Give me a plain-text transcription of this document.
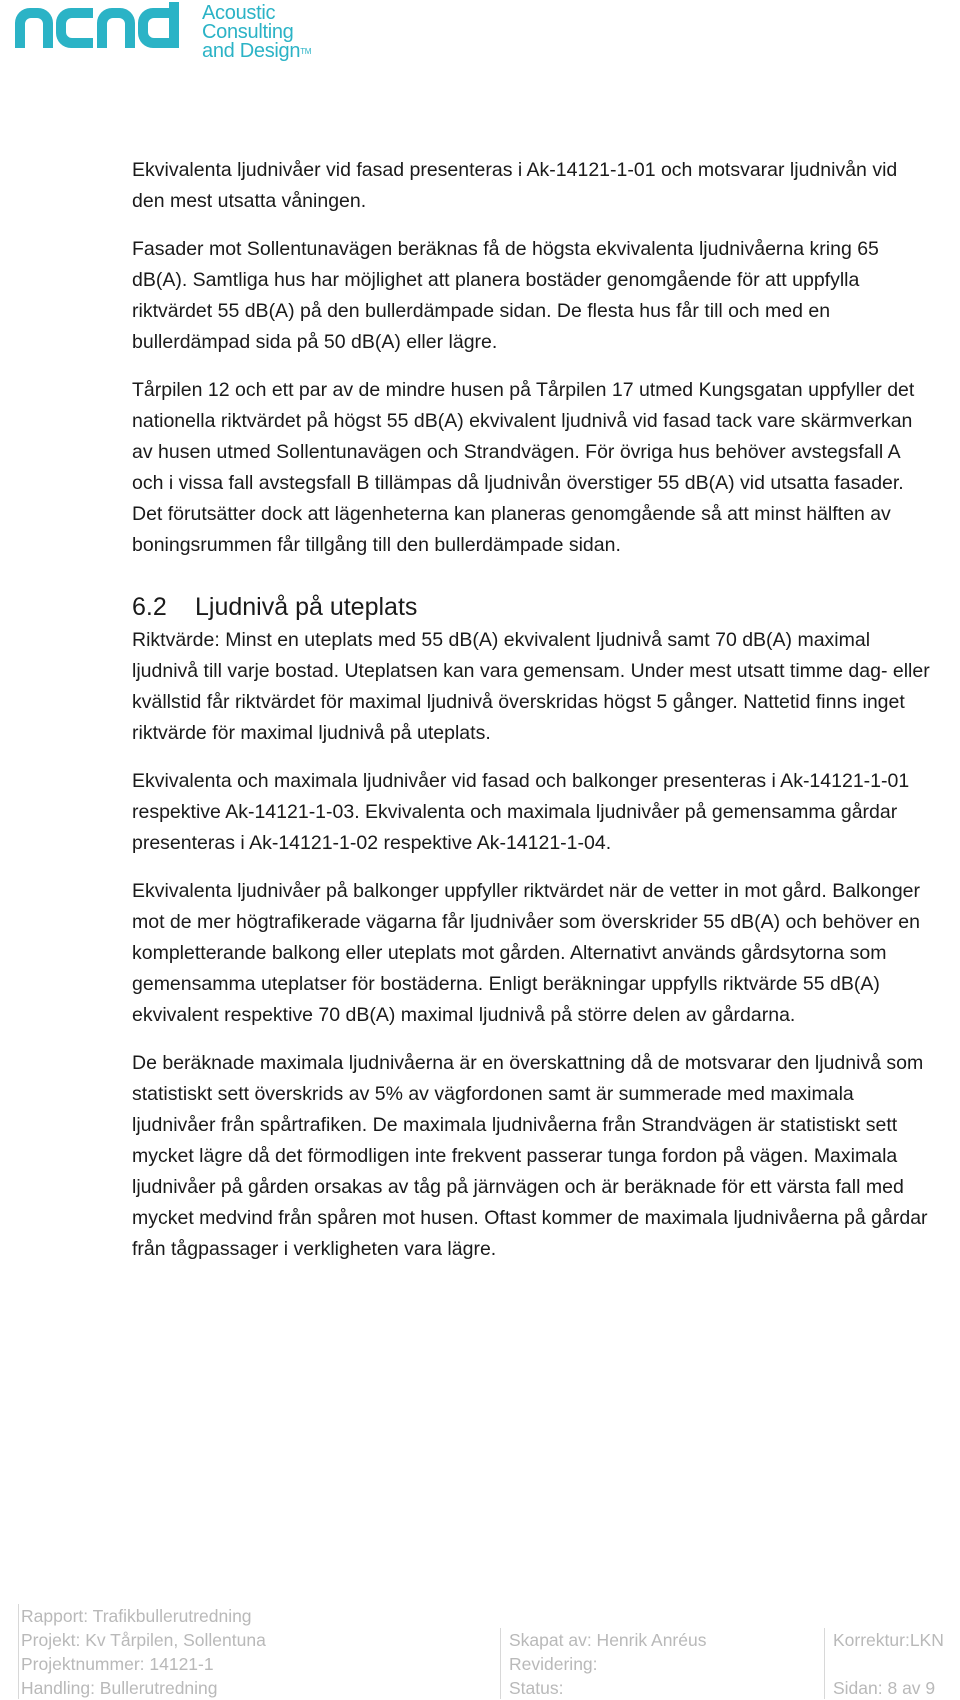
Acoustic
Consulting
and Design™

Ekvivalenta ljudnivåer vid fasad presenteras i Ak-14121-1-01 och motsvarar ljudnivån vid den mest utsatta våningen.

Fasader mot Sollentunavägen beräknas få de högsta ekvivalenta ljudnivåerna kring 65 dB(A). Samtliga hus har möjlighet att planera bostäder genomgående för att uppfylla riktvärdet 55 dB(A) på den bullerdämpade sidan. De flesta hus får till och med en bullerdämpad sida på 50 dB(A) eller lägre.

Tårpilen 12 och ett par av de mindre husen på Tårpilen 17 utmed Kungsgatan uppfyller det nationella riktvärdet på högst 55 dB(A) ekvivalent ljudnivå vid fasad tack vare skärmverkan av husen utmed Sollentunavägen och Strandvägen. För övriga hus behöver avstegsfall A och i vissa fall avstegsfall B tillämpas då ljudnivån överstiger 55 dB(A) vid utsatta fasader. Det förutsätter dock att lägenheterna kan planeras genomgående så att minst hälften av boningsrummen får tillgång till den bullerdämpade sidan.

6.2	Ljudnivå på uteplats

Riktvärde: Minst en uteplats med 55 dB(A) ekvivalent ljudnivå samt 70 dB(A) maximal ljudnivå till varje bostad. Uteplatsen kan vara gemensam. Under mest utsatt timme dag- eller kvällstid får riktvärdet för maximal ljudnivå överskridas högst 5 gånger. Nattetid finns inget riktvärde för maximal ljudnivå på uteplats.

Ekvivalenta och maximala ljudnivåer vid fasad och balkonger presenteras i Ak-14121-1-01 respektive Ak-14121-1-03. Ekvivalenta och maximala ljudnivåer på gemensamma gårdar presenteras i Ak-14121-1-02 respektive Ak-14121-1-04.

Ekvivalenta ljudnivåer på balkonger uppfyller riktvärdet när de vetter in mot gård. Balkonger mot de mer högtrafikerade vägarna får ljudnivåer som överskrider 55 dB(A) och behöver en kompletterande balkong eller uteplats mot gården. Alternativt används gårdsytorna som gemensamma uteplatser för bostäderna. Enligt beräkningar uppfylls riktvärde 55 dB(A) ekvivalent respektive 70 dB(A) maximal ljudnivå på större delen av gårdarna.

De beräknade maximala ljudnivåerna är en överskattning då de motsvarar den ljudnivå som statistiskt sett överskrids av 5% av vägfordonen samt är summerade med maximala ljudnivåer från spårtrafiken. De maximala ljudnivåerna från Strandvägen är statistiskt sett mycket lägre då det förmodligen inte frekvent passerar tunga fordon på vägen. Maximala ljudnivåer på gården orsakas av tåg på järnvägen och är beräknade för ett värsta fall med mycket medvind från spåren mot husen. Oftast kommer de maximala ljudnivåerna på gårdar från tågpassager i verkligheten vara lägre.

Rapport: Trafikbullerutredning
Projekt: Kv Tårpilen, Sollentuna
Projektnummer: 14121-1
Handling: Bullerutredning
Skapat av: Henrik Anréus
Revidering:
Status:
Korrektur:LKN
Sidan: 8 av 9
